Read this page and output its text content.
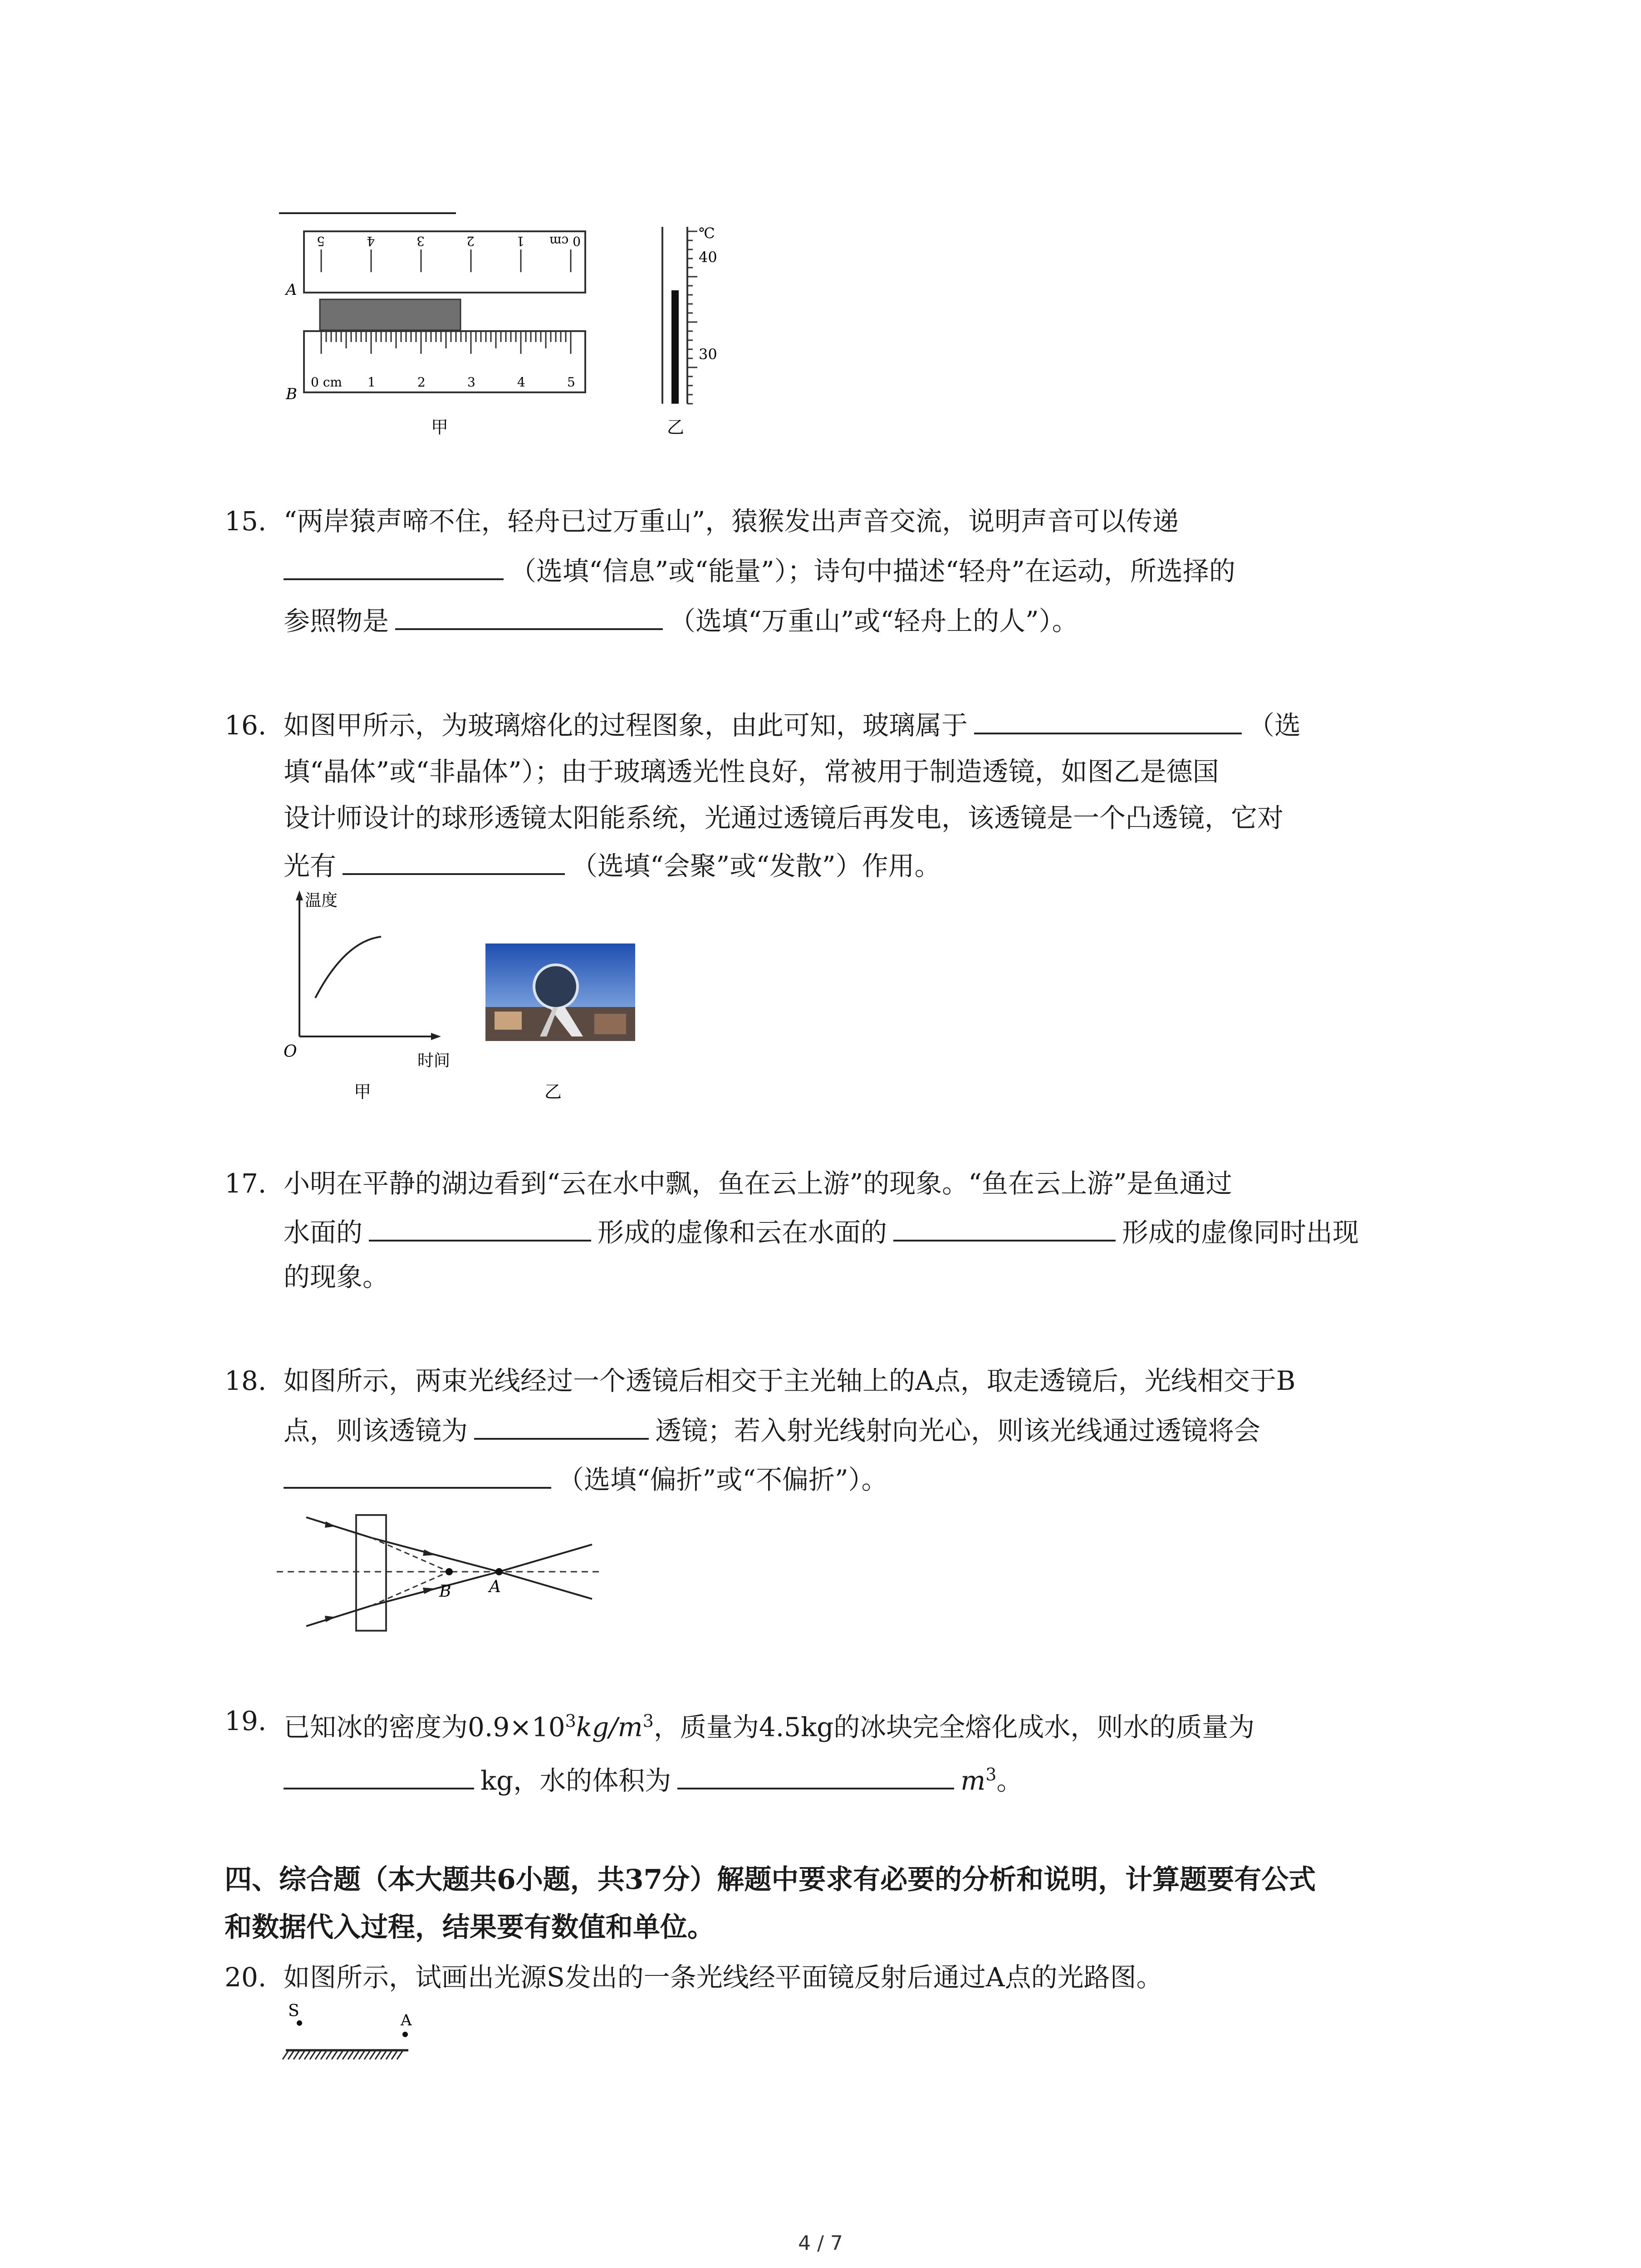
A
B
5	4	3	2	1 0 cm
0 cm 1	2	3	4	5
甲
℃
40
30
乙
15. “两岸猿声啼不住，轻舟已过万重山”，猿猴发出声音交流，说明声音可以传递
（选填“信息”或“能量”）；诗句中描述“轻舟”在运动，所选择的
参照物是	（选填“万重山”或“轻舟上的人”）。
16. 如图甲所示，为玻璃熔化的过程图象，由此可知，玻璃属于	（选
填“晶体”或“非晶体”）；由于玻璃透光性良好，常被用于制造透镜，如图乙是德国
设计师设计的球形透镜太阳能系统，光通过透镜后再发电，该透镜是一个凸透镜，它对
光有	（选填“会聚”或“发散”）作用。
温度
O	时间
甲	乙
17. 小明在平静的湖边看到“云在水中飘，鱼在云上游”的现象。“鱼在云上游”是鱼通过
水面的	形成的虚像和云在水面的	形成的虚像同时出现
的现象。
18. 如图所示，两束光线经过一个透镜后相交于主光轴上的A点，取走透镜后，光线相交于B
点，则该透镜为	透镜；若入射光线射向光心，则该光线通过透镜将会
（选填“偏折”或“不偏折”）。
B A
19. 已知冰的密度为$0.9\times 10^3kg/m^3$，质量为4.5kg的冰块完全熔化成水，则水的质量为
kg，水的体积为	$m^3$。
四、综合题（本大题共6小题，共37分）解题中要求有必要的分析和说明，计算题要有公式
和数据代入过程，结果要有数值和单位。
20. 如图所示，试画出光源S发出的一条光线经平面镜反射后通过A点的光路图。
S	A
4 / 7
